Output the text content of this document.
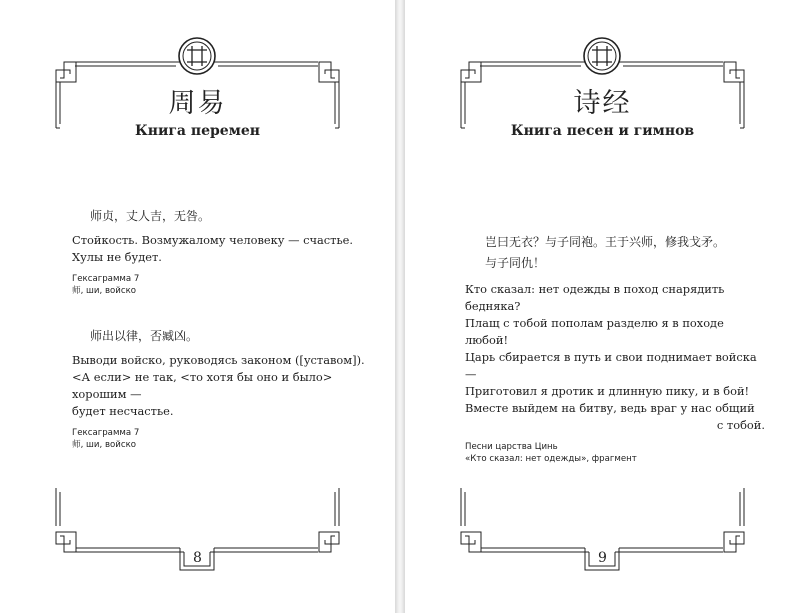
周易
Книга перемен

师贞，丈人吉，无咎。

Стойкость. Возмужалому человеку — счастье.

Хулы не будет.

Гексаграмма 7
师, ши, войско

师出以律，否臧凶。

Выводи войско, руководясь законом ([уставом]).

<А если> не так, <то хотя бы оно и было> хорошим —

будет несчастье.

Гексаграмма 7
师, ши, войско
8
诗经
Книга песен и гимнов

岂曰无衣？与子同袍。王于兴师，修我戈矛。

与子同仇！

Кто сказал: нет одежды в поход снарядить бедняка?

Плащ с тобой пополам разделю я в походе любой!

Царь сбирается в путь и свои поднимает войска —

Приготовил я дротик и длинную пику, и в бой!

Вместе выйдем на битву, ведь враг у нас общий

с тобой.

Песни царства Цинь
«Кто сказал: нет одежды», фрагмент
9
